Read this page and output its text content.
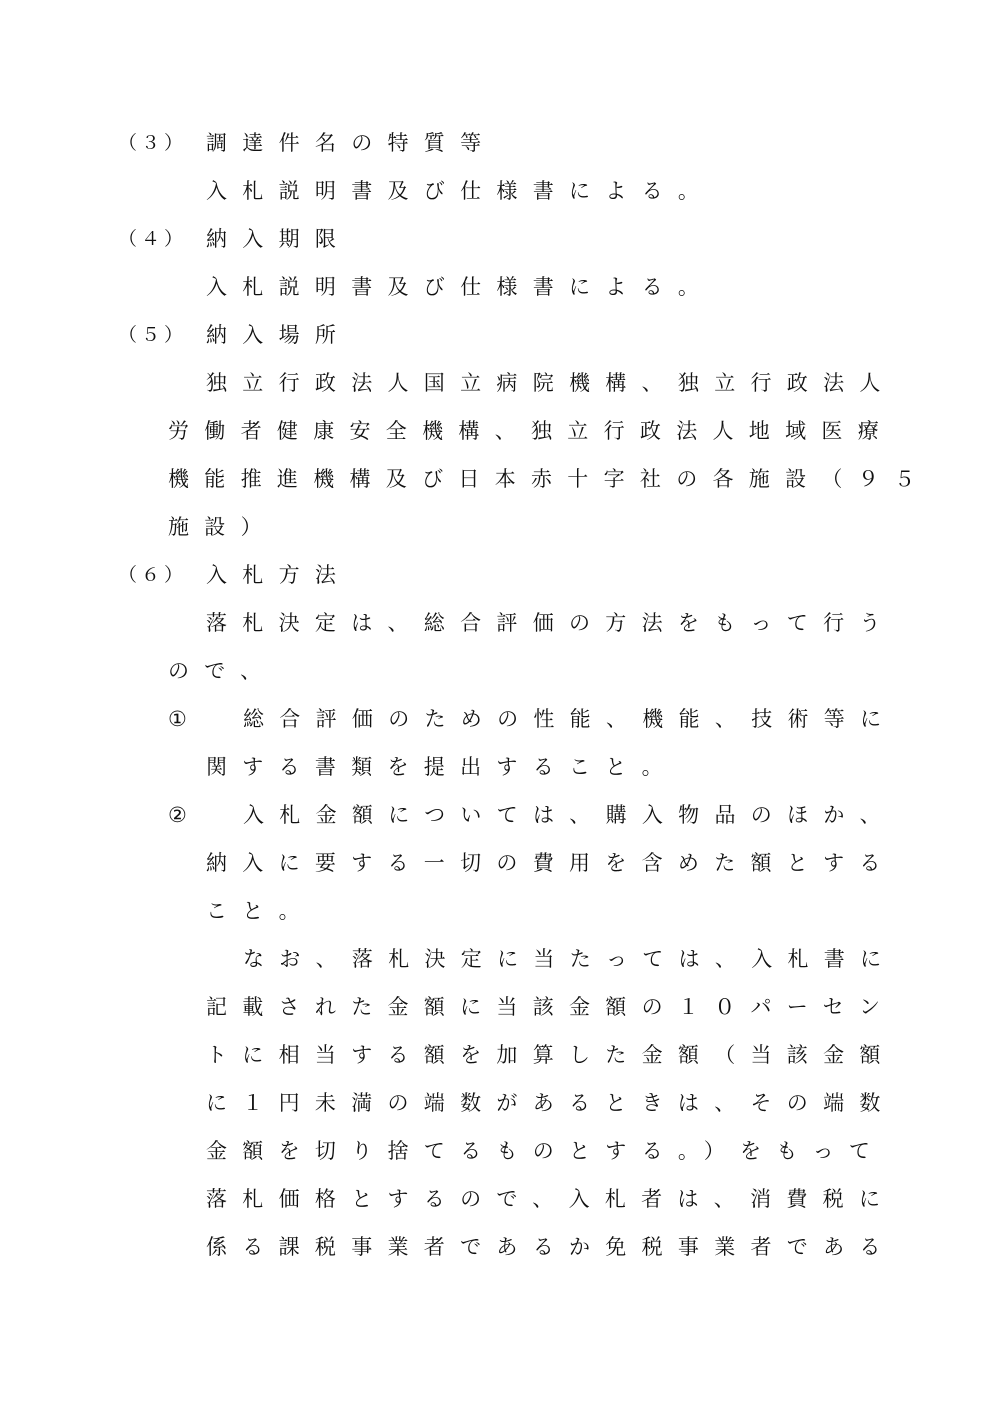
（３） 調達件名の特質等
入札説明書及び仕様書による。
（４） 納入期限
入札説明書及び仕様書による。
（５） 納入場所
独立行政法人国立病院機構、独立行政法人
労働者健康安全機構、独立行政法人地域医療
機能推進機構及び日本赤十字社の各施設（９５
施設）
（６） 入札方法
落札決定は、総合評価の方法をもって行う
ので、
①	総合評価のための性能、機能、技術等に
関する書類を提出すること。
②	入札金額については、購入物品のほか、
納入に要する一切の費用を含めた額とする
こと。
なお、落札決定に当たっては、入札書に
記載された金額に当該金額の１０パーセン
トに相当する額を加算した金額（当該金額
に１円未満の端数があるときは、その端数
金額を切り捨てるものとする。）をもって
落札価格とするので、入札者は、消費税に
係る課税事業者であるか免税事業者である
